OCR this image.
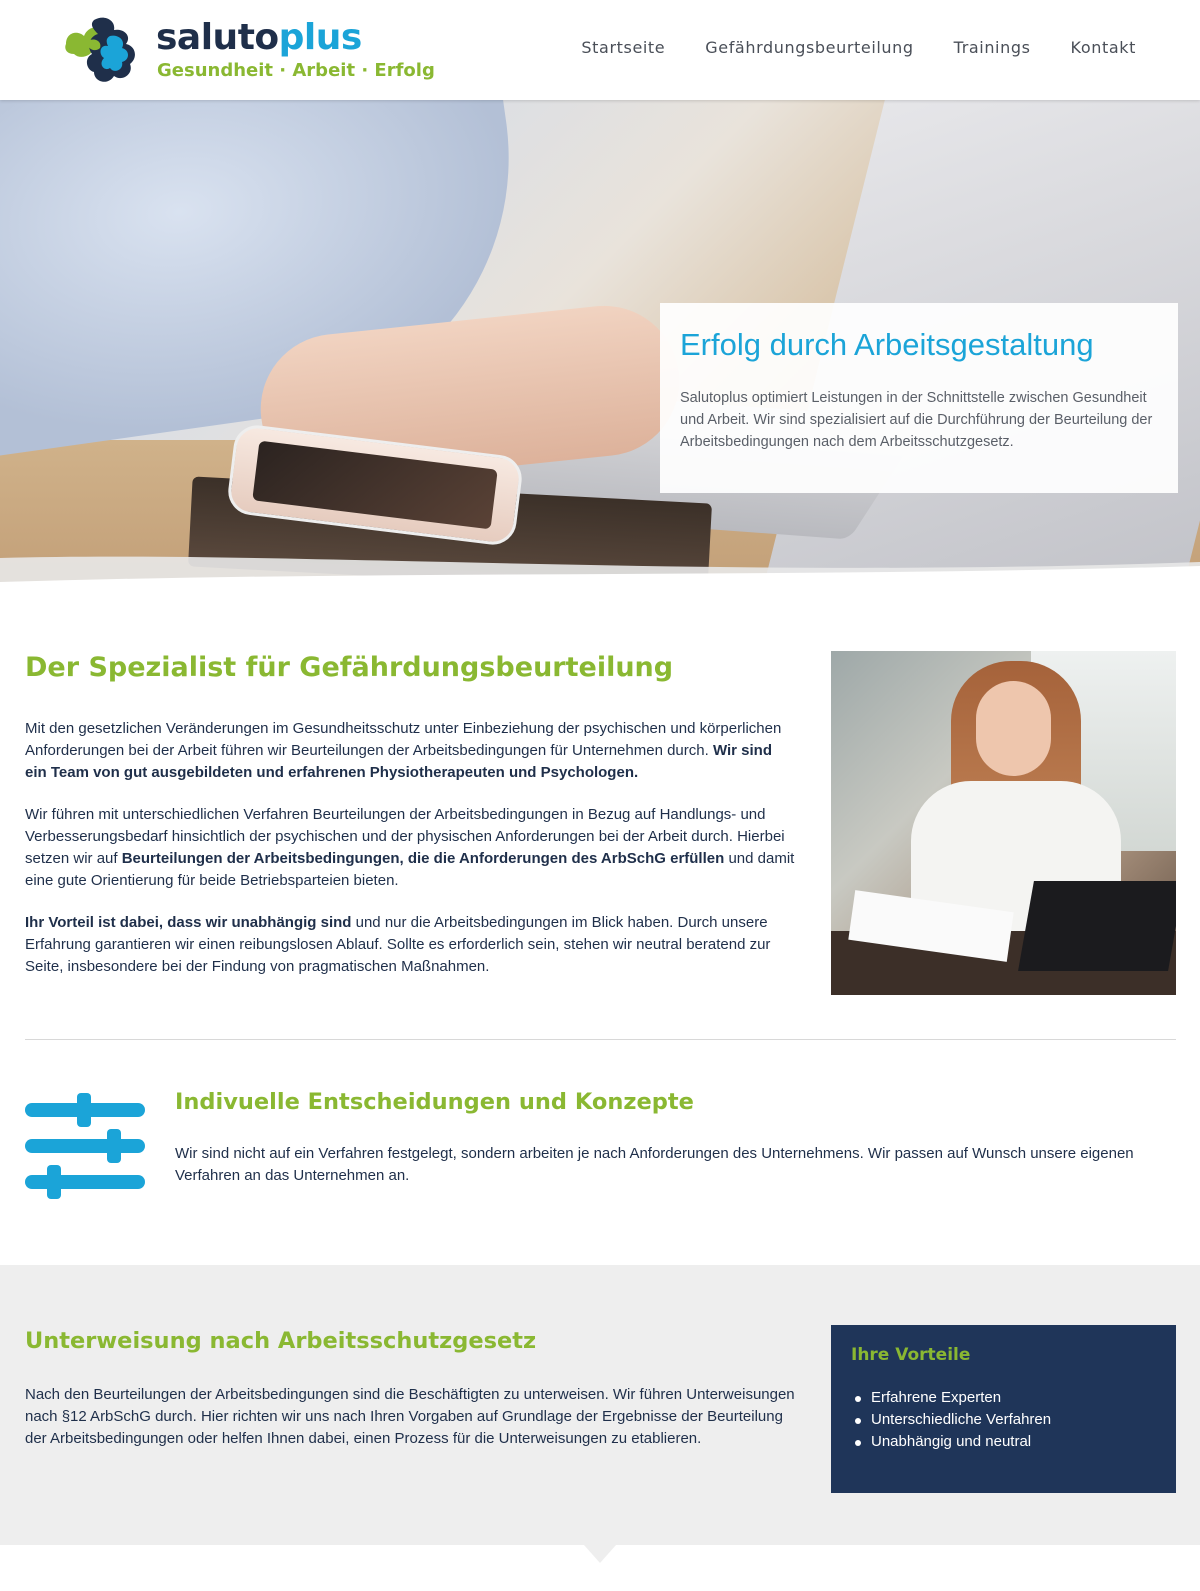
salutoplus
Gesundheit · Arbeit · Erfolg
Startseite	Gefährdungsbeurteilung	Trainings	Kontakt
Erfolg durch Arbeitsgestaltung

Salutoplus optimiert Leistungen in der Schnittstelle zwischen Gesundheit und Arbeit. Wir sind spezialisiert auf die Durchführung der Beurteilung der Arbeitsbedingungen nach dem Arbeitsschutzgesetz.

Der Spezialist für Gefährdungsbeurteilung

Mit den gesetzlichen Veränderungen im Gesundheitsschutz unter Einbeziehung der psychischen und körperlichen Anforderungen bei der Arbeit führen wir Beurteilungen der Arbeitsbedingungen für Unternehmen durch. Wir sind ein Team von gut ausgebildeten und erfahrenen Physiotherapeuten und Psychologen.

Wir führen mit unterschiedlichen Verfahren Beurteilungen der Arbeitsbedingungen in Bezug auf Handlungs- und Verbesserungsbedarf hinsichtlich der psychischen und der physischen Anforderungen bei der Arbeit durch. Hierbei setzen wir auf Beurteilungen der Arbeitsbedingungen, die die Anforderungen des ArbSchG erfüllen und damit eine gute Orientierung für beide Betriebsparteien bieten.

Ihr Vorteil ist dabei, dass wir unabhängig sind und nur die Arbeitsbedingungen im Blick haben. Durch unsere Erfahrung garantieren wir einen reibungslosen Ablauf. Sollte es erforderlich sein, stehen wir neutral beratend zur Seite, insbesondere bei der Findung von pragmatischen Maßnahmen.

Indivuelle Entscheidungen und Konzepte

Wir sind nicht auf ein Verfahren festgelegt, sondern arbeiten je nach Anforderungen des Unternehmens. Wir passen auf Wunsch unsere eigenen Verfahren an das Unternehmen an.

Unterweisung nach Arbeitsschutzgesetz

Nach den Beurteilungen der Arbeitsbedingungen sind die Beschäftigten zu unterweisen. Wir führen Unterweisungen nach §12 ArbSchG durch. Hier richten wir uns nach Ihren Vorgaben auf Grundlage der Ergebnisse der Beurteilung der Arbeitsbedingungen oder helfen Ihnen dabei, einen Prozess für die Unterweisungen zu etablieren.

Ihre Vorteile
Erfahrene Experten
Unterschiedliche Verfahren
Unabhängig und neutral
